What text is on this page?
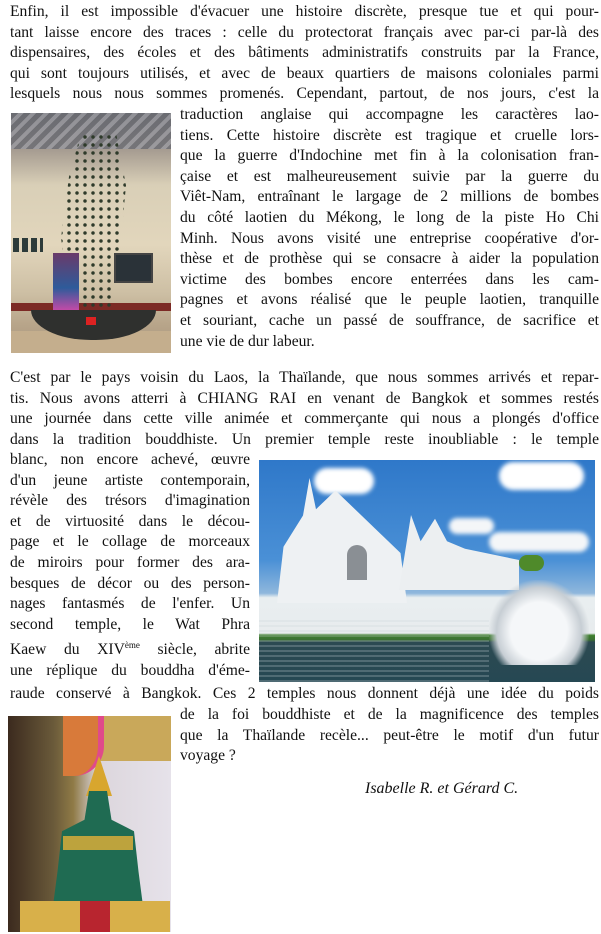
Enfin, il est impossible d'évacuer une histoire discrète, presque tue et qui pour-
tant laisse encore des traces : celle du protectorat français avec par-ci par-là des
dispensaires, des écoles et des bâtiments administratifs construits par la France,
qui sont toujours utilisés, et avec de beaux quartiers de maisons coloniales parmi
lesquels nous nous sommes promenés. Cependant, partout, de nos jours, c'est la
traduction anglaise qui accompagne les caractères lao-
tiens. Cette histoire discrète est tragique et cruelle lors-
que la guerre d'Indochine met fin à la colonisation fran-
çaise et est malheureusement suivie par la guerre du
Viêt-Nam, entraînant le largage de 2 millions de bombes
du côté laotien du Mékong, le long de la piste Ho Chi
Minh. Nous avons visité une entreprise coopérative d'or-
thèse et de prothèse qui se consacre à aider la population
victime des bombes encore enterrées dans les cam-
pagnes et avons réalisé que le peuple laotien, tranquille
et souriant, cache un passé de souffrance, de sacrifice et
une vie de dur labeur.
C'est par le pays voisin du Laos, la Thaïlande, que nous sommes arrivés et repar-
tis. Nous avons atterri à CHIANG RAI en venant de Bangkok et sommes restés
une journée dans cette ville animée et commerçante qui nous a plongés d'office
dans la tradition bouddhiste. Un premier temple reste inoubliable : le temple
blanc, non encore achevé, œuvre
d'un jeune artiste contemporain,
révèle des trésors d'imagination
et de virtuosité dans le décou-
page et le collage de morceaux
de miroirs pour former des ara-
besques de décor ou des person-
nages fantasmés de l'enfer. Un
second temple, le Wat Phra
Kaew du XIVème siècle, abrite
une réplique du bouddha d'éme-
raude conservé à Bangkok. Ces 2 temples nous donnent déjà une idée du poids
de la foi bouddhiste et de la magnificence des temples
que la Thaïlande recèle... peut-être le motif d'un futur
voyage ?
Isabelle R. et Gérard C.
